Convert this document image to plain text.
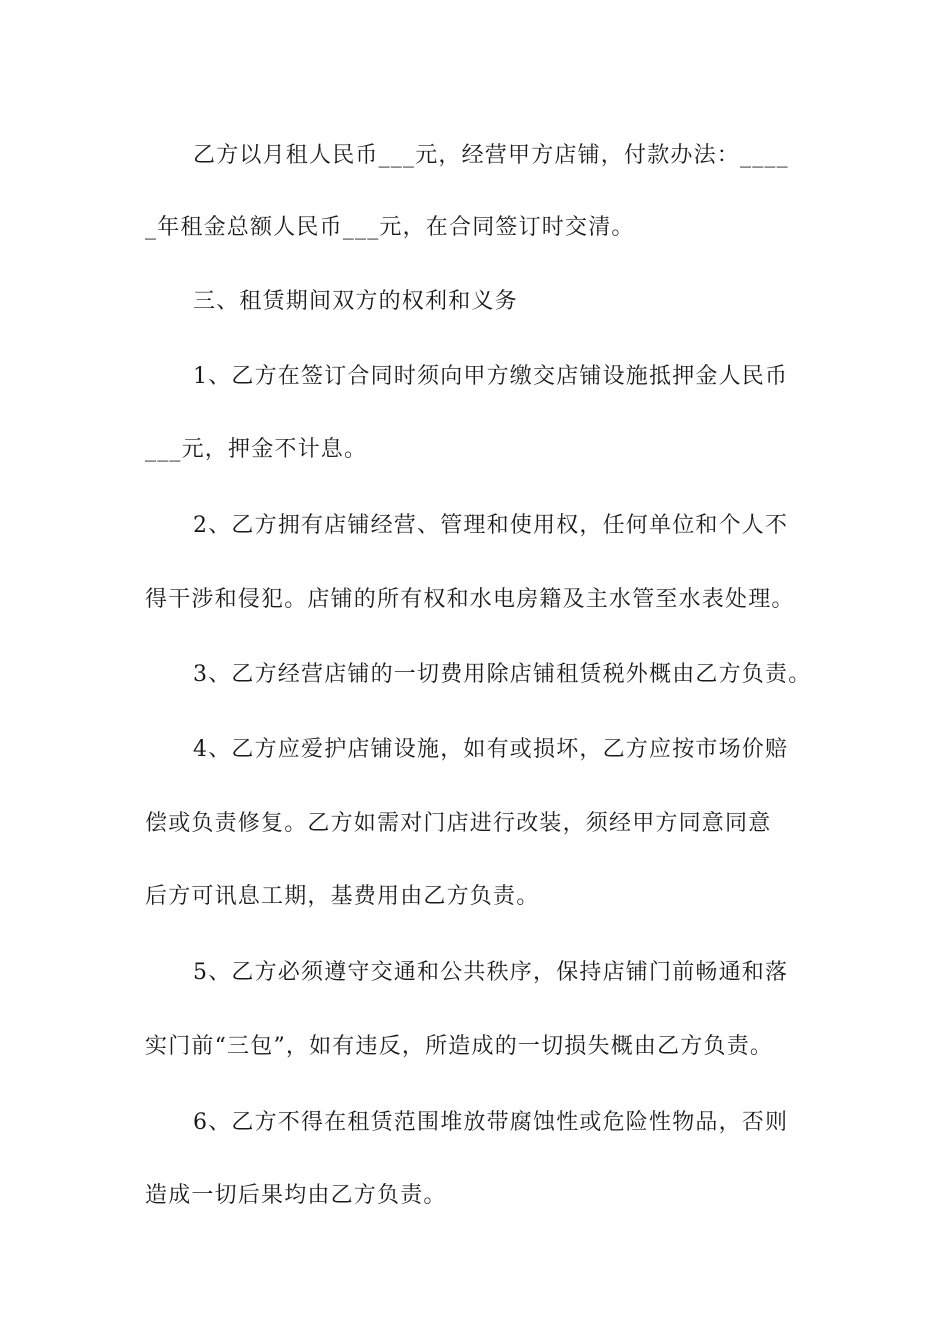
乙方以月租人民币___元，经营甲方店铺，付款办法：____
_年租金总额人民币___元，在合同签订时交清。
三、租赁期间双方的权利和义务
1、乙方在签订合同时须向甲方缴交店铺设施抵押金人民币
___元，押金不计息。
2、乙方拥有店铺经营、管理和使用权，任何单位和个人不
得干涉和侵犯。店铺的所有权和水电房籍及主水管至水表处理。
3、乙方经营店铺的一切费用除店铺租赁税外概由乙方负责。
4、乙方应爱护店铺设施，如有或损坏，乙方应按市场价赔
偿或负责修复。乙方如需对门店进行改装，须经甲方同意同意
后方可讯息工期，基费用由乙方负责。
5、乙方必须遵守交通和公共秩序，保持店铺门前畅通和落
实门前“三包”，如有违反，所造成的一切损失概由乙方负责。
6、乙方不得在租赁范围堆放带腐蚀性或危险性物品，否则
造成一切后果均由乙方负责。
